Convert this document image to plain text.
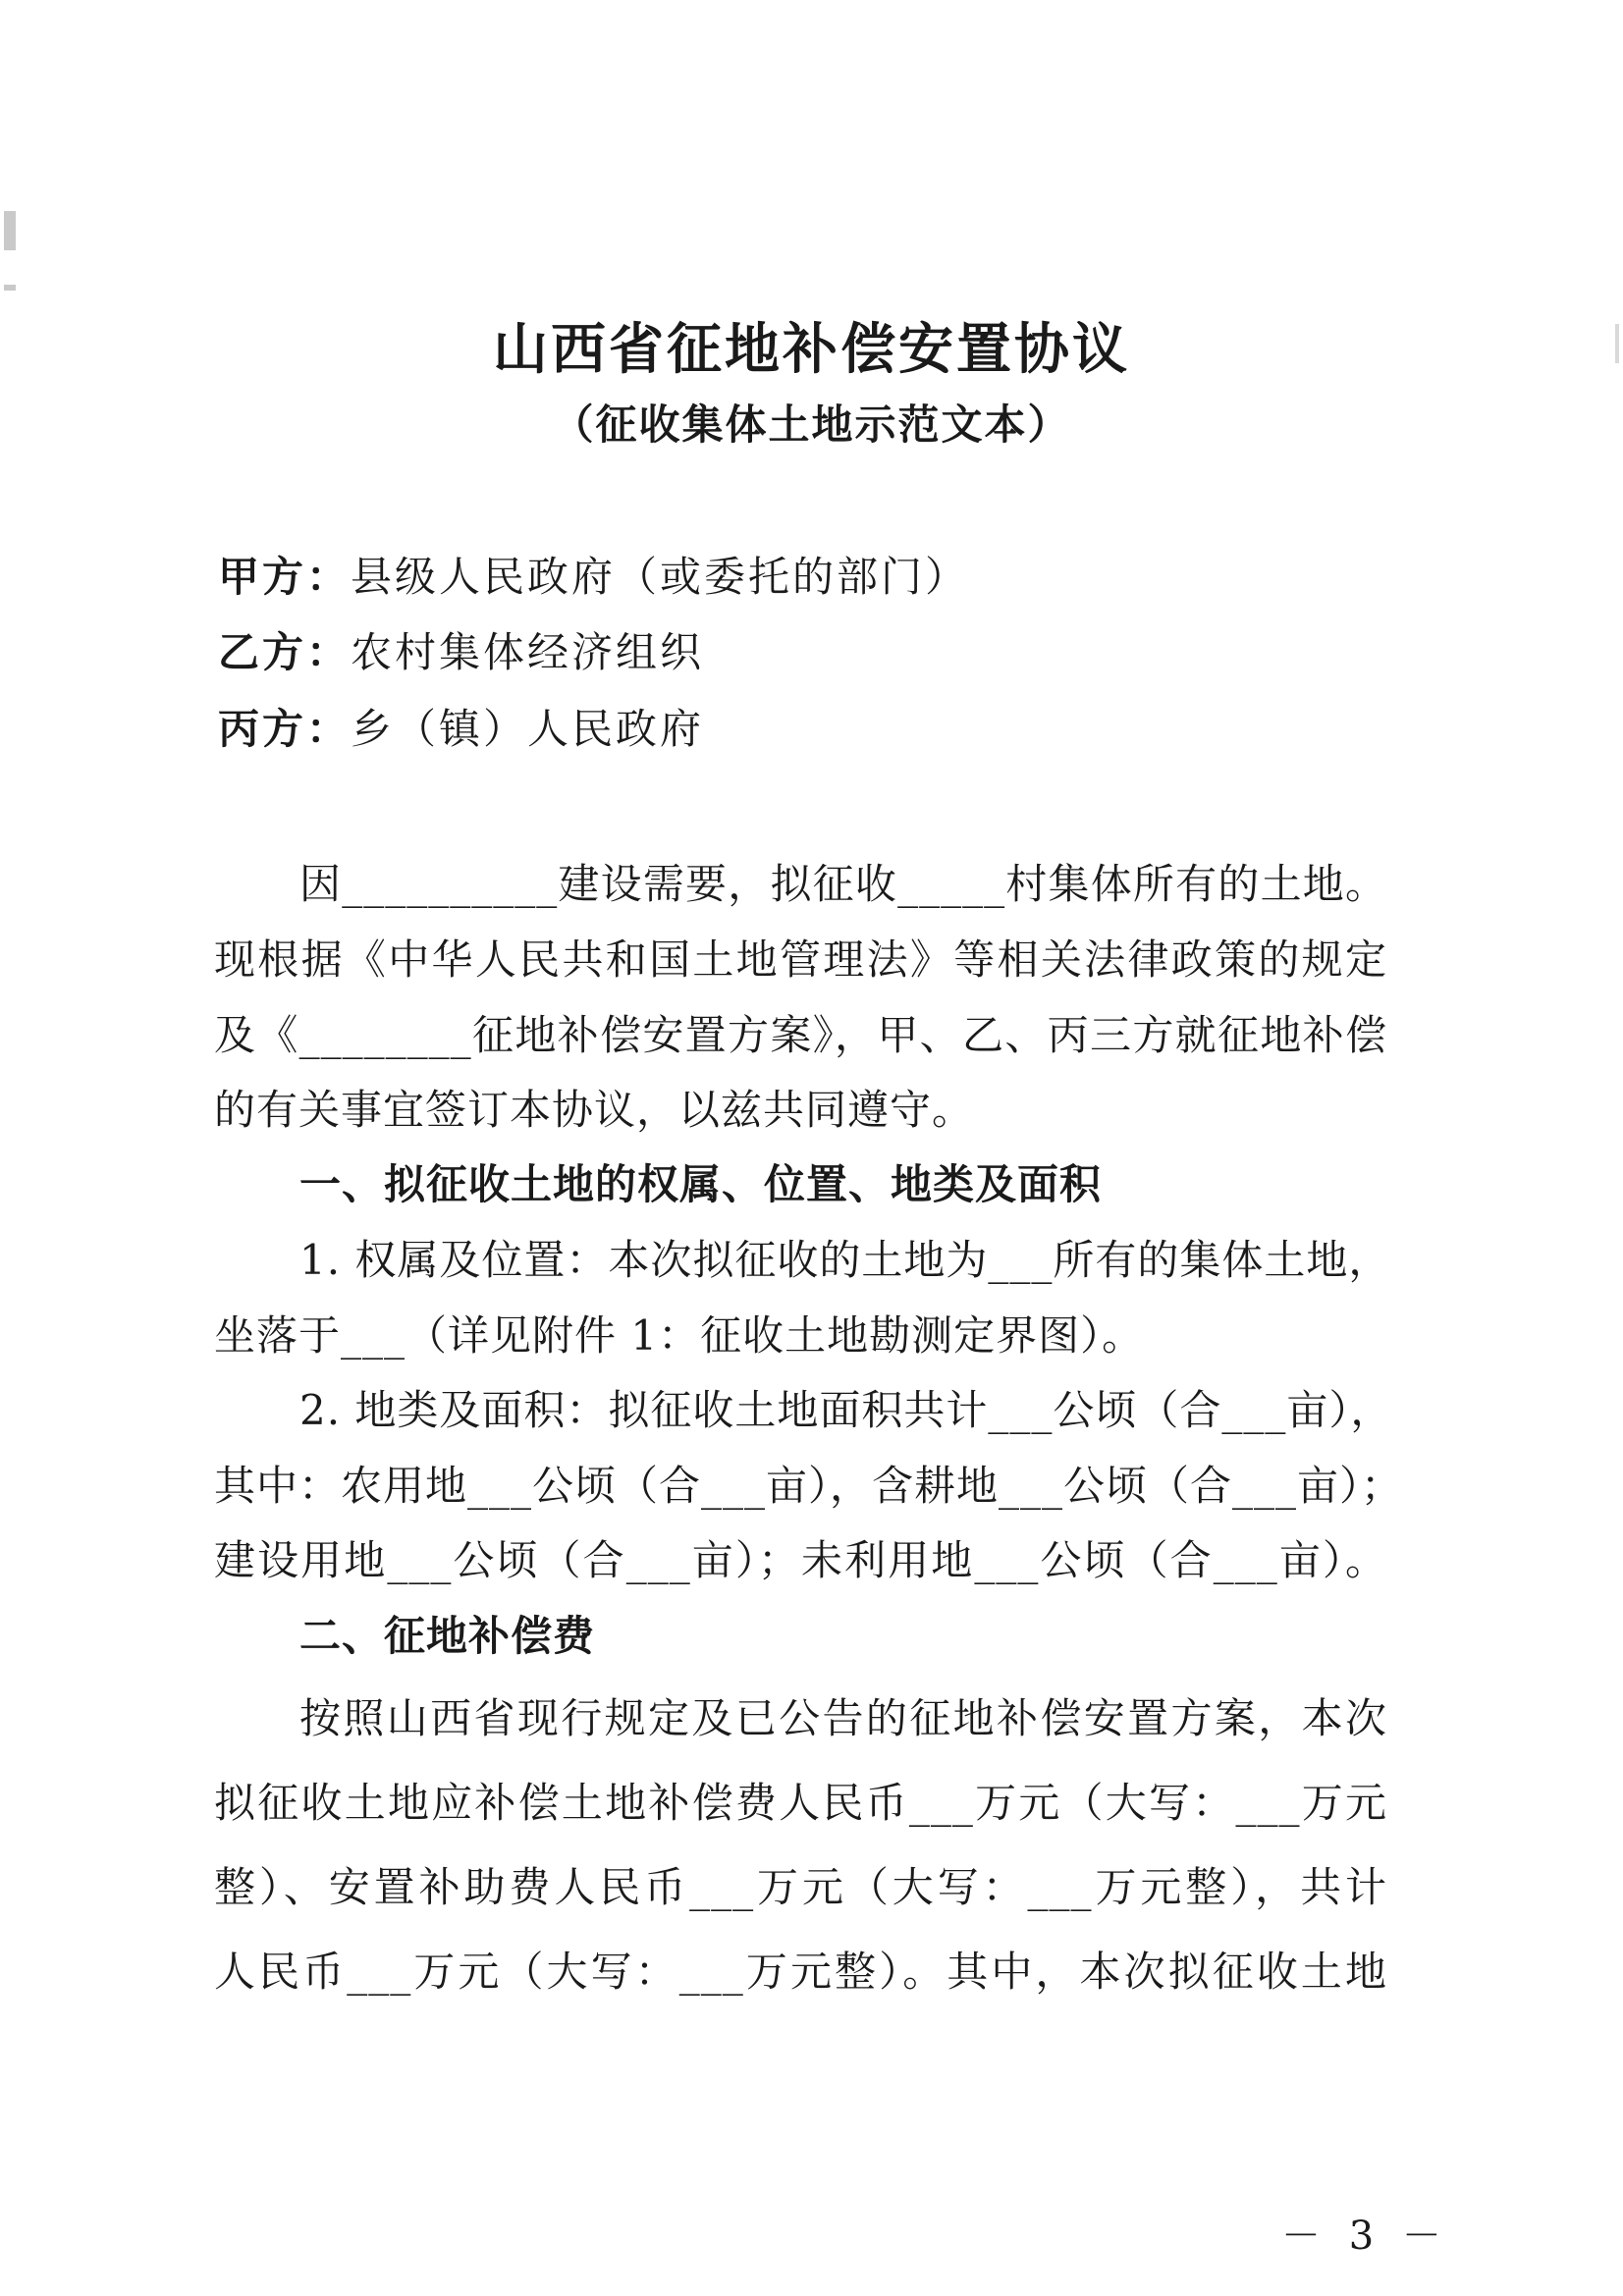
山西省征地补偿安置协议
（征收集体土地示范文本）
甲方：县级人民政府（或委托的部门）
乙方：农村集体经济组织
丙方：乡（镇）人民政府
因__________建设需要，拟征收_____村集体所有的土地。
现根据《中华人民共和国土地管理法》等相关法律政策的规定
及《________征地补偿安置方案》，甲、乙、丙三方就征地补偿
的有关事宜签订本协议，以兹共同遵守。
一、拟征收土地的权属、位置、地类及面积
1. 权属及位置：本次拟征收的土地为___所有的集体土地，
坐落于___（详见附件 1：征收土地勘测定界图）。
2. 地类及面积：拟征收土地面积共计___公顷（合___亩），
其中：农用地___公顷（合___亩），含耕地___公顷（合___亩）；
建设用地___公顷（合___亩）；未利用地___公顷（合___亩）。
二、征地补偿费
按照山西省现行规定及已公告的征地补偿安置方案，本次
拟征收土地应补偿土地补偿费人民币___万元（大写：___万元
整）、安置补助费人民币___万元（大写：___万元整），共计
人民币___万元（大写：___万元整）。其中，本次拟征收土地
－ 3 －
